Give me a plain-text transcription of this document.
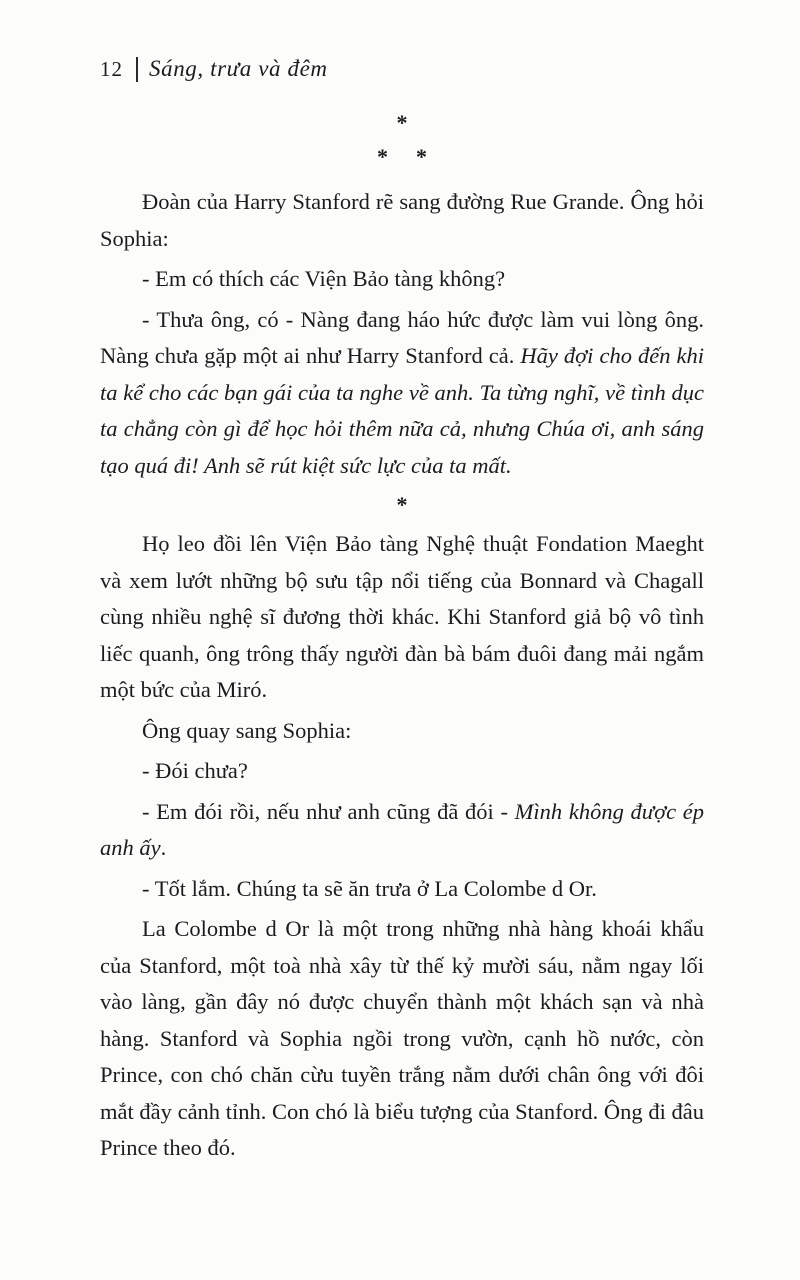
12 Sáng, trưa và đêm
*
* *

Đoàn của Harry Stanford rẽ sang đường Rue Grande. Ông hỏi Sophia:

- Em có thích các Viện Bảo tàng không?

- Thưa ông, có - Nàng đang háo hức được làm vui lòng ông. Nàng chưa gặp một ai như Harry Stanford cả. Hãy đợi cho đến khi ta kể cho các bạn gái của ta nghe về anh. Ta từng nghĩ, về tình dục ta chẳng còn gì để học hỏi thêm nữa cả, nhưng Chúa ơi, anh sáng tạo quá đi! Anh sẽ rút kiệt sức lực của ta mất.

*

Họ leo đồi lên Viện Bảo tàng Nghệ thuật Fondation Maeght và xem lướt những bộ sưu tập nổi tiếng của Bonnard và Chagall cùng nhiều nghệ sĩ đương thời khác. Khi Stanford giả bộ vô tình liếc quanh, ông trông thấy người đàn bà bám đuôi đang mải ngắm một bức của Miró.

Ông quay sang Sophia:

- Đói chưa?

- Em đói rồi, nếu như anh cũng đã đói - Mình không được ép anh ấy.

- Tốt lắm. Chúng ta sẽ ăn trưa ở La Colombe d Or.

La Colombe d Or là một trong những nhà hàng khoái khẩu của Stanford, một toà nhà xây từ thế kỷ mười sáu, nằm ngay lối vào làng, gần đây nó được chuyển thành một khách sạn và nhà hàng. Stanford và Sophia ngồi trong vườn, cạnh hồ nước, còn Prince, con chó chăn cừu tuyền trắng nằm dưới chân ông với đôi mắt đầy cảnh tỉnh. Con chó là biểu tượng của Stanford. Ông đi đâu Prince theo đó.
